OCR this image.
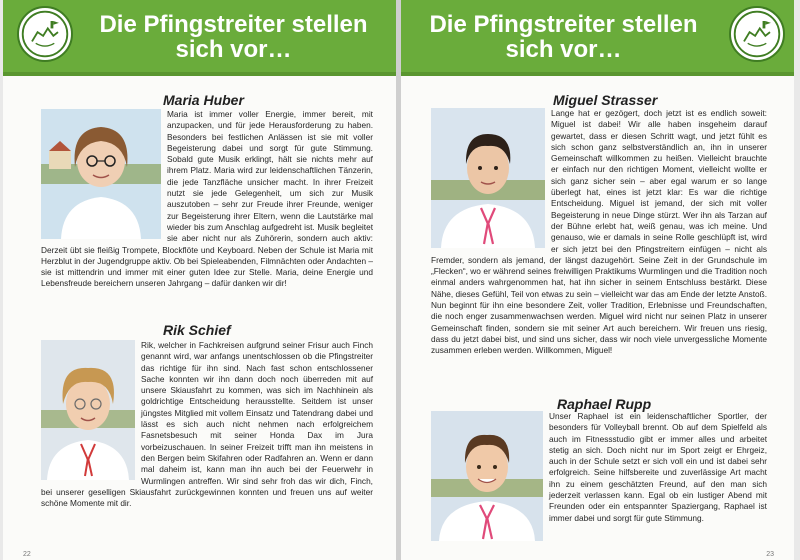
Die Pfingstreiter stellen
sich vor…
Maria Huber
Maria ist immer voller Energie, immer bereit, mit anzupacken, und für jede Herausforderung zu haben. Besonders bei festlichen Anlässen ist sie mit voller Begeisterung dabei und sorgt für gute Stimmung. Sobald gute Musik erklingt, hält sie nichts mehr auf ihrem Platz. Maria wird zur leidenschaftlichen Tänzerin, die jede Tanzfläche unsicher macht. In ihrer Freizeit nutzt sie jede Gelegenheit, um sich zur Musik auszutoben – sehr zur Freude ihrer Freunde, weniger zur Begeisterung ihrer Eltern, wenn die Lautstärke mal wieder bis zum Anschlag aufgedreht ist. Musik begleitet sie aber nicht nur als Zuhörerin, sondern auch aktiv: Derzeit übt sie fleißig Trompete, Blockflöte und Keyboard. Neben der Schule ist Maria mit Herzblut in der Jugendgruppe aktiv. Ob bei Spieleabenden, Filmnächten oder Andachten – sie ist mittendrin und immer mit einer guten Idee zur Stelle. Maria, deine Energie und Lebensfreude bereichern unseren Jahrgang – dafür danken wir dir!
Rik Schief
Rik, welcher in Fachkreisen aufgrund seiner Frisur auch Finch genannt wird, war anfangs unentschlossen ob die Pfingstreiter das richtige für ihn sind. Nach fast schon entschlossener Sache konnten wir ihn dann doch noch überreden mit auf unsere Skiausfahrt zu kommen, was sich im Nachhinein als goldrichtige Entscheidung herausstellte. Seitdem ist unser jüngstes Mitglied mit vollem Einsatz und Tatendrang dabei und lässt es sich auch nicht nehmen nach erfolgreichem Fasnetsbesuch mit seiner Honda Dax im Jura vorbeizuschauen. In seiner Freizeit trifft man ihn meistens in den Bergen beim Skifahren oder Radfahren an. Wenn er dann mal daheim ist, kann man ihn auch bei der Feuerwehr in Wurmlingen antreffen. Wir sind sehr froh das wir dich, Finch, bei unserer geselligen Skiausfahrt zurückgewinnen konnten und freuen uns auf weiter schöne Momente mit dir.
22
Die Pfingstreiter stellen
sich vor…
Miguel Strasser
Lange hat er gezögert, doch jetzt ist es endlich soweit: Miguel ist dabei! Wir alle haben insgeheim darauf gewartet, dass er diesen Schritt wagt, und jetzt fühlt es sich schon ganz selbstverständlich an, ihn in unserer Gemeinschaft willkommen zu heißen. Vielleicht brauchte er einfach nur den richtigen Moment, vielleicht wollte er sich ganz sicher sein – aber egal warum er so lange überlegt hat, eines ist jetzt klar: Es war die richtige Entscheidung. Miguel ist jemand, der sich mit voller Begeisterung in neue Dinge stürzt. Wer ihn als Tarzan auf der Bühne erlebt hat, weiß genau, was ich meine. Und genauso, wie er damals in seine Rolle geschlüpft ist, wird er sich jetzt bei den Pfingstreitern einfügen – nicht als Fremder, sondern als jemand, der längst dazugehört. Seine Zeit in der Grundschule im „Flecken“, wo er während seines freiwilligen Praktikums Wurmlingen und die Tradition noch einmal anders wahrgenommen hat, hat ihn sicher in seinem Entschluss bestärkt. Diese Nähe, dieses Gefühl, Teil von etwas zu sein – vielleicht war das am Ende der letzte Anstoß. Nun beginnt für ihn eine besondere Zeit, voller Tradition, Erlebnisse und Freundschaften, die noch enger zusammenwachsen werden. Miguel wird nicht nur seinen Platz in unserer Gemeinschaft finden, sondern sie mit seiner Art auch bereichern. Wir freuen uns riesig, dass du jetzt dabei bist, und sind uns sicher, dass wir noch viele unvergessliche Momente zusammen erleben werden. Willkommen, Miguel!
Raphael Rupp
Unser Raphael ist ein leidenschaftlicher Sportler, der besonders für Volleyball brennt. Ob auf dem Spielfeld als auch im Fitnessstudio gibt er immer alles und arbeitet stetig an sich. Doch nicht nur im Sport zeigt er Ehrgeiz, auch in der Schule setzt er sich voll ein und ist dabei sehr erfolgreich. Seine hilfsbereite und zuverlässige Art macht ihn zu einem geschätzten Freund, auf den man sich jederzeit verlassen kann. Egal ob ein lustiger Abend mit Freunden oder ein entspannter Spaziergang, Raphael ist immer dabei und sorgt für gute Stimmung.
23
